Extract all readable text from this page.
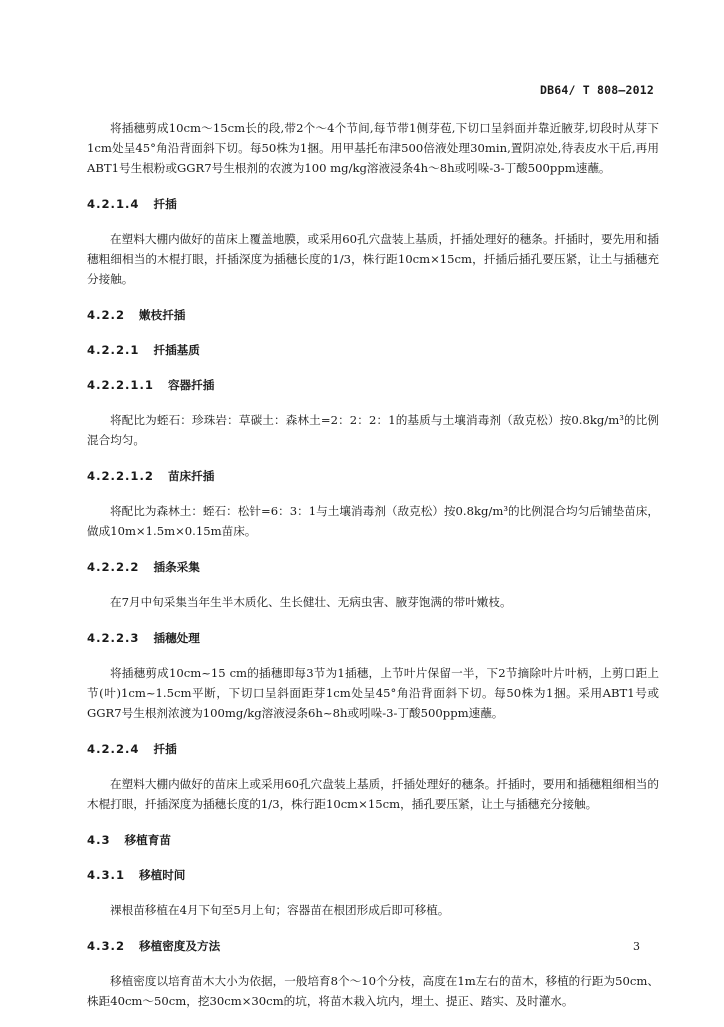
DB64/ T 808—2012

将插穗剪成10cm～15cm长的段,带2个～4个节间,每节带1侧芽苞,下切口呈斜面并靠近腋芽,切段时从芽下1cm处呈45°角沿背面斜下切。每50株为1捆。用甲基托布津500倍液处理30min,置阴凉处,待表皮水干后,再用ABT1号生根粉或GGR7号生根剂的农渡为100 mg/kg溶液浸条4h～8h或吲哚-3-丁酸500ppm速蘸。

4.2.1.4 扦插

在塑料大棚内做好的苗床上覆盖地膜，或采用60孔穴盘装上基质，扦插处理好的穗条。扦插时，要先用和插穗粗细相当的木棍打眼，扦插深度为插穗长度的1/3，株行距10cm×15cm，扦插后插孔要压紧，让土与插穗充分接触。

4.2.2 嫩枝扦插
4.2.2.1 扦插基质
4.2.2.1.1 容器扦插

将配比为蛭石：珍珠岩：草碳土：森林土=2：2：2：1的基质与土壤消毒剂（敌克松）按0.8kg/m³的比例混合均匀。

4.2.2.1.2 苗床扦插

将配比为森林土：蛭石：松针=6：3：1与土壤消毒剂（敌克松）按0.8kg/m³的比例混合均匀后铺垫苗床，做成10m×1.5m×0.15m苗床。

4.2.2.2 插条采集

在7月中旬采集当年生半木质化、生长健壮、无病虫害、腋芽饱满的带叶嫩枝。

4.2.2.3 插穗处理

将插穗剪成10cm~15 cm的插穗即每3节为1插穗，上节叶片保留一半，下2节摘除叶片叶柄，上剪口距上节(叶)1cm~1.5cm平断，下切口呈斜面距芽1cm处呈45°角沿背面斜下切。每50株为1捆。采用ABT1号或GGR7号生根剂浓渡为100mg/kg溶液浸条6h~8h或吲哚-3-丁酸500ppm速蘸。

4.2.2.4 扦插

在塑料大棚内做好的苗床上或采用60孔穴盘装上基质，扦插处理好的穗条。扦插时，要用和插穗粗细相当的木棍打眼，扦插深度为插穗长度的1/3，株行距10cm×15cm，插孔要压紧，让土与插穗充分接触。

4.3 移植育苗
4.3.1 移植时间

裸根苗移植在4月下旬至5月上旬；容器苗在根团形成后即可移植。

4.3.2 移植密度及方法

移植密度以培育苗木大小为依据，一般培育8个～10个分枝，高度在1m左右的苗木，移植的行距为50cm、株距40cm～50cm，挖30cm×30cm的坑，将苗木栽入坑内，埋土、提正、踏实、及时灌水。

3
